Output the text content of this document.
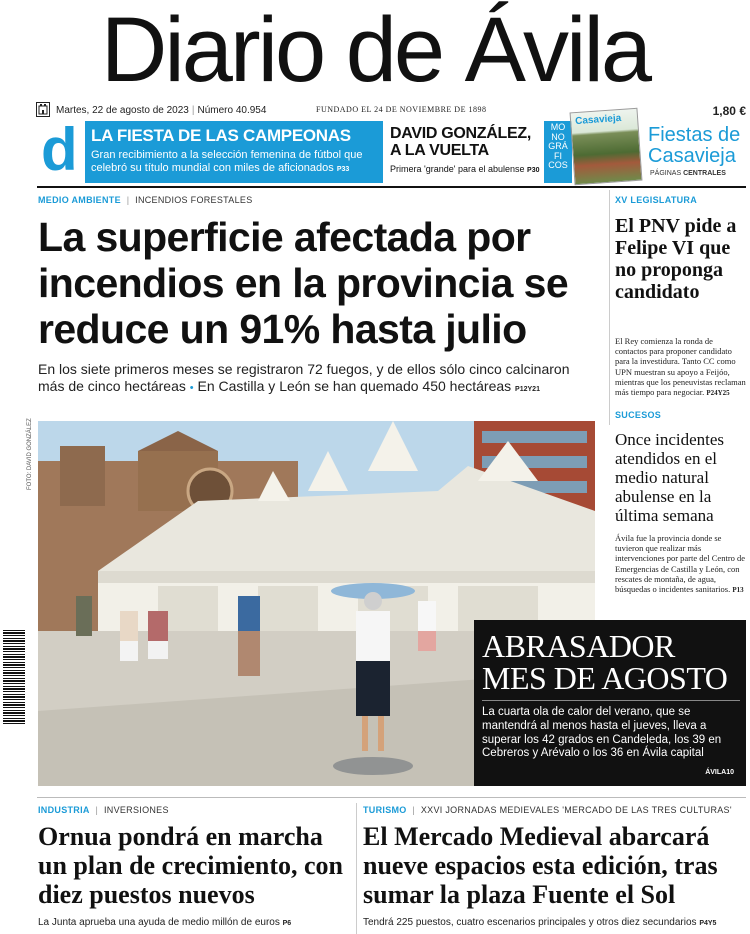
Diario de Ávila
Martes, 22 de agosto de 2023 | Número 40.954	FUNDADO EL 24 DE NOVIEMBRE DE 1898	1,80 €
d LA FIESTA DE LAS CAMPEONAS
Gran recibimiento a la selección femenina de fútbol que celebró su título mundial con miles de aficionados P33
DAVID GONZÁLEZ,
A LA VUELTA
Primera 'grande' para el abulense P30
MO
NO
GRÁ
FI
COS
Casavieja
Fiestas de
Casavieja
PÁGINAS CENTRALES
MEDIO AMBIENTE | INCENDIOS FORESTALES
La superficie afectada por incendios en la provincia se reduce un 91% hasta julio
En los siete primeros meses se registraron 72 fuegos, y de ellos sólo cinco calcinaron más de cinco hectáreas • En Castilla y León se han quemado 450 hectáreas P12Y21
XV LEGISLATURA
El PNV pide a Felipe VI que no proponga candidato
El Rey comienza la ronda de contactos para proponer candidato para la investidura. Tanto CC como UPN muestran su apoyo a Feijóo, mientras que los peneuvistas reclaman más tiempo para negociar. P24Y25
SUCESOS
Once incidentes atendidos en el medio natural abulense en la última semana
Ávila fue la provincia donde se tuvieron que realizar más intervenciones por parte del Centro de Emergencias de Castilla y León, con rescates de montaña, de agua, búsquedas o incidentes sanitarios. P13
FOTO: DAVID GONZÁLEZ
ABRASADOR MES DE AGOSTO
La cuarta ola de calor del verano, que se mantendrá al menos hasta el jueves, lleva a superar los 42 grados en Candeleda, los 39 en Cebreros y Arévalo o los 36 en Ávila capital
ÁVILA10
INDUSTRIA | INVERSIONES
Ornua pondrá en marcha un plan de crecimiento, con diez puestos nuevos
La Junta aprueba una ayuda de medio millón de euros P6
TURISMO | XXVI JORNADAS MEDIEVALES 'MERCADO DE LAS TRES CULTURAS'
El Mercado Medieval abarcará nueve espacios esta edición, tras sumar la plaza Fuente el Sol
Tendrá 225 puestos, cuatro escenarios principales y otros diez secundarios P4Y5
